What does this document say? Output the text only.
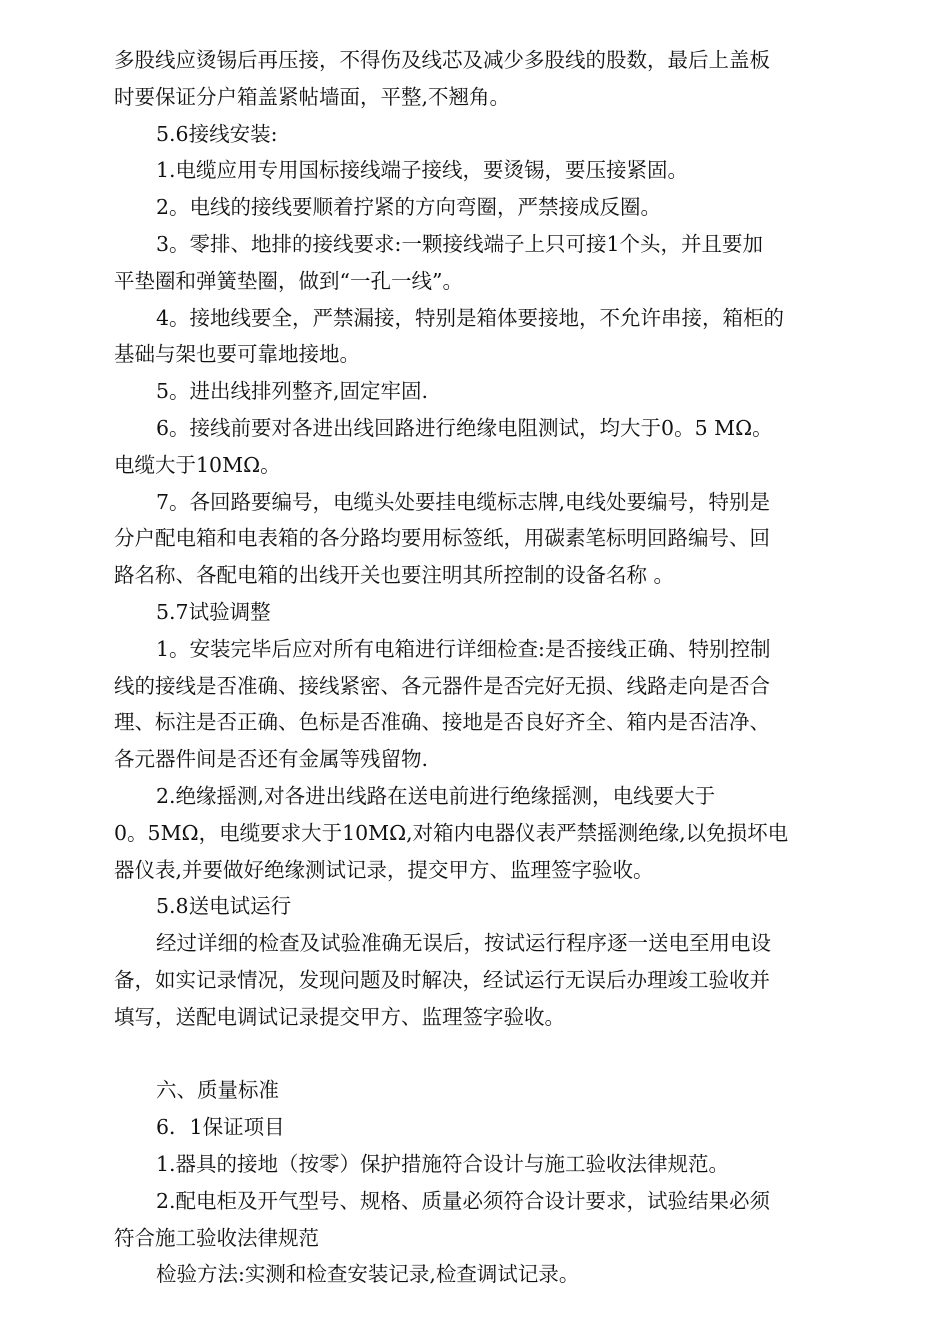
多股线应烫锡后再压接，不得伤及线芯及减少多股线的股数，最后上盖板
时要保证分户箱盖紧帖墙面，平整,不翘角。
5.6接线安装:
1.电缆应用专用国标接线端子接线，要烫锡，要压接紧固。
2。电线的接线要顺着拧紧的方向弯圈，严禁接成反圈。
3。零排、地排的接线要求:一颗接线端子上只可接1个头，并且要加
平垫圈和弹簧垫圈，做到“一孔一线”。
4。接地线要全，严禁漏接，特别是箱体要接地，不允许串接，箱柜的
基础与架也要可靠地接地。
5。进出线排列整齐,固定牢固.
6。接线前要对各进出线回路进行绝缘电阻测试，均大于0。5 MΩ。
电缆大于10MΩ。
7。各回路要编号，电缆头处要挂电缆标志牌,电线处要编号，特别是
分户配电箱和电表箱的各分路均要用标签纸，用碳素笔标明回路编号、回
路名称、各配电箱的出线开关也要注明其所控制的设备名称 。
5.7试验调整
1。安装完毕后应对所有电箱进行详细检查:是否接线正确、特别控制
线的接线是否准确、接线紧密、各元器件是否完好无损、线路走向是否合
理、标注是否正确、色标是否准确、接地是否良好齐全、箱内是否洁净、
各元器件间是否还有金属等残留物.
2.绝缘摇测,对各进出线路在送电前进行绝缘摇测，电线要大于
0。5MΩ，电缆要求大于10MΩ,对箱内电器仪表严禁摇测绝缘,以免损坏电
器仪表,并要做好绝缘测试记录，提交甲方、监理签字验收。
5.8送电试运行
经过详细的检查及试验准确无误后，按试运行程序逐一送电至用电设
备，如实记录情况，发现问题及时解决，经试运行无误后办理竣工验收并
填写，送配电调试记录提交甲方、监理签字验收。
六、质量标准
6．1保证项目
1.器具的接地（按零）保护措施符合设计与施工验收法律规范。
2.配电柜及开气型号、规格、质量必须符合设计要求，试验结果必须
符合施工验收法律规范
检验方法:实测和检查安装记录,检查调试记录。
